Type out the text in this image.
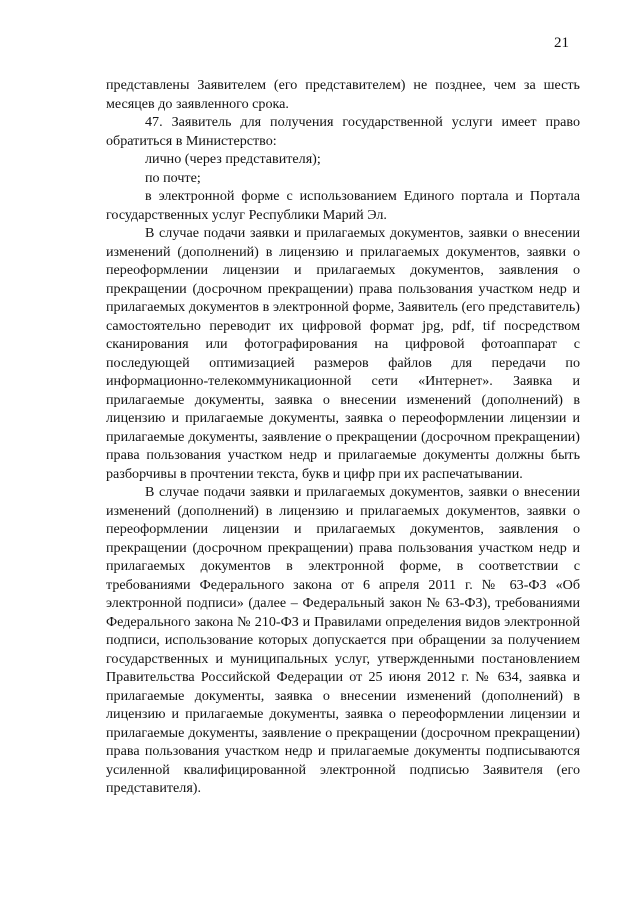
21

представлены Заявителем (его представителем) не позднее, чем за шесть месяцев до заявленного срока.

47. Заявитель для получения государственной услуги имеет право обратиться в Министерство:

лично (через представителя);

по почте;

в электронной форме с использованием Единого портала и Портала государственных услуг Республики Марий Эл.

В случае подачи заявки и прилагаемых документов, заявки о внесении изменений (дополнений) в лицензию и прилагаемых документов, заявки о переоформлении лицензии и прилагаемых документов, заявления о прекращении (досрочном прекращении) права пользования участком недр и прилагаемых документов в электронной форме, Заявитель (его представитель) самостоятельно переводит их цифровой формат jpg, pdf, tif посредством сканирования или фотографирования на цифровой фотоаппарат с последующей оптимизацией размеров файлов для передачи по информационно-телекоммуникационной сети «Интернет». Заявка и прилагаемые документы, заявка о внесении изменений (дополнений) в лицензию и прилагаемые документы, заявка о переоформлении лицензии и прилагаемые документы, заявление о прекращении (досрочном прекращении) права пользования участком недр и прилагаемые документы должны быть разборчивы в прочтении текста, букв и цифр при их распечатывании.

В случае подачи заявки и прилагаемых документов, заявки о внесении изменений (дополнений) в лицензию и прилагаемых документов, заявки о переоформлении лицензии и прилагаемых документов, заявления о прекращении (досрочном прекращении) права пользования участком недр и прилагаемых документов в электронной форме, в соответствии с требованиями Федерального закона от 6 апреля 2011 г. № 63-ФЗ «Об электронной подписи» (далее – Федеральный закон № 63-ФЗ), требованиями Федерального закона № 210-ФЗ и Правилами определения видов электронной подписи, использование которых допускается при обращении за получением государственных и муниципальных услуг, утвержденными постановлением Правительства Российской Федерации от 25 июня 2012 г. № 634, заявка и прилагаемые документы, заявка о внесении изменений (дополнений) в лицензию и прилагаемые документы, заявка о переоформлении лицензии и прилагаемые документы, заявление о прекращении (досрочном прекращении) права пользования участком недр и прилагаемые документы подписываются усиленной квалифицированной электронной подписью Заявителя (его представителя).
